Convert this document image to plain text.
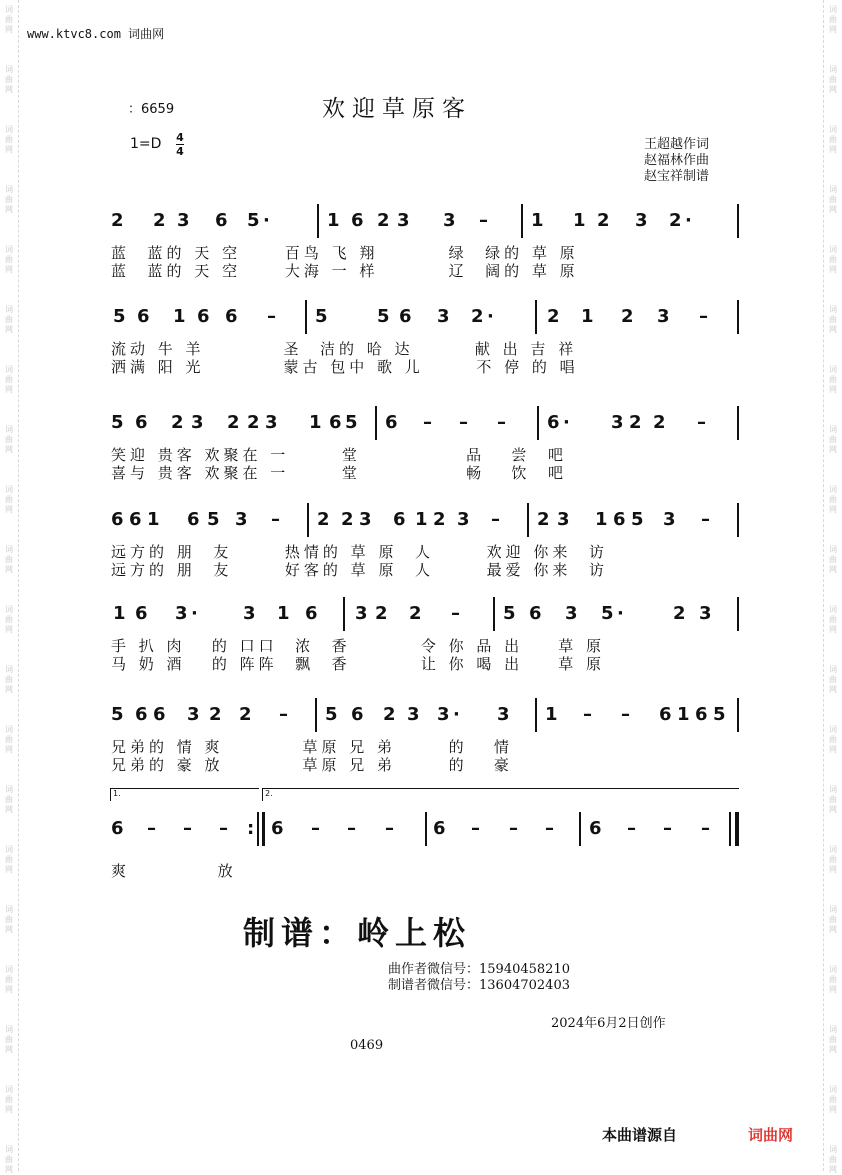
词
曲
网
词
曲
网
词
曲
网
词
曲
网
词
曲
网
词
曲
网
词
曲
网
词
曲
网
词
曲
网
词
曲
网
词
曲
网
词
曲
网
词
曲
网
词
曲
网
词
曲
网
词
曲
网
词
曲
网
词
曲
网
词
曲
网
词
曲
网
词
曲
网
词
曲
网
词
曲
网
词
曲
网
词
曲
网
词
曲
网
词
曲
网
词
曲
网
词
曲
网
词
曲
网
词
曲
网
词
曲
网
词
曲
网
词
曲
网
词
曲
网
词
曲
网
词
曲
网
词
曲
网
词
曲
网
词
曲
网
www.ktvc8.com 词曲网
：6659	欢迎草原客
1=D 4
4	王超越作词
赵福林作曲
赵宝祥制谱
2 2 3 6 5 ·	1 6 2 3 3 – 1 1 2 3 2 ·
蓝  蓝的 天 空     百鸟 飞 翔        绿  绿的 草 原
蓝  蓝的 天 空     大海 一 样        辽  阔的 草 原
5 6 1 6 6 – 5	5 6 3 2 ·	2 1 2 3 –
流动 牛 羊         圣  洁的 哈 达       献 出 吉 祥
洒满 阳 光         蒙古 包中 歌 儿      不 停 的 唱
5 6 2 3 2 2 3 1 6 5 6 – – – 6 · 3 2 2 –
笑迎 贵客 欢聚在 一      堂            品   尝  吧
喜与 贵客 欢聚在 一      堂            畅   饮  吧
6 6 1 6 5 3 – 2 2 3 6 1 2 3 – 2 3 1 6 5 3 –
远方的 朋  友      热情的 草 原  人      欢迎 你来  访
远方的 朋  友      好客的 草 原  人      最爱 你来  访
1 6 3 ·	3 1 6 3 2 2 – 5 6 3 5 ·	2 3
手 扒 肉   的 口口  浓  香        令 你 品 出    草 原
马 奶 酒   的 阵阵  飘  香        让 你 喝 出    草 原
5 6 6 3 2 2 – 5 6 2 3 3 · 3 1 – – 6 1 6 5
兄弟的 情 爽         草原 兄 弟      的   情
兄弟的 豪 放         草原 兄 弟      的   豪
1.	2.
6 – – – : 6 – – – 6 – – – 6 – – –
爽          放
制谱：岭上松
曲作者微信号：15940458210
制谱者微信号：13604702403
2024年6月2日创作
0469
本曲谱源自	词曲网
